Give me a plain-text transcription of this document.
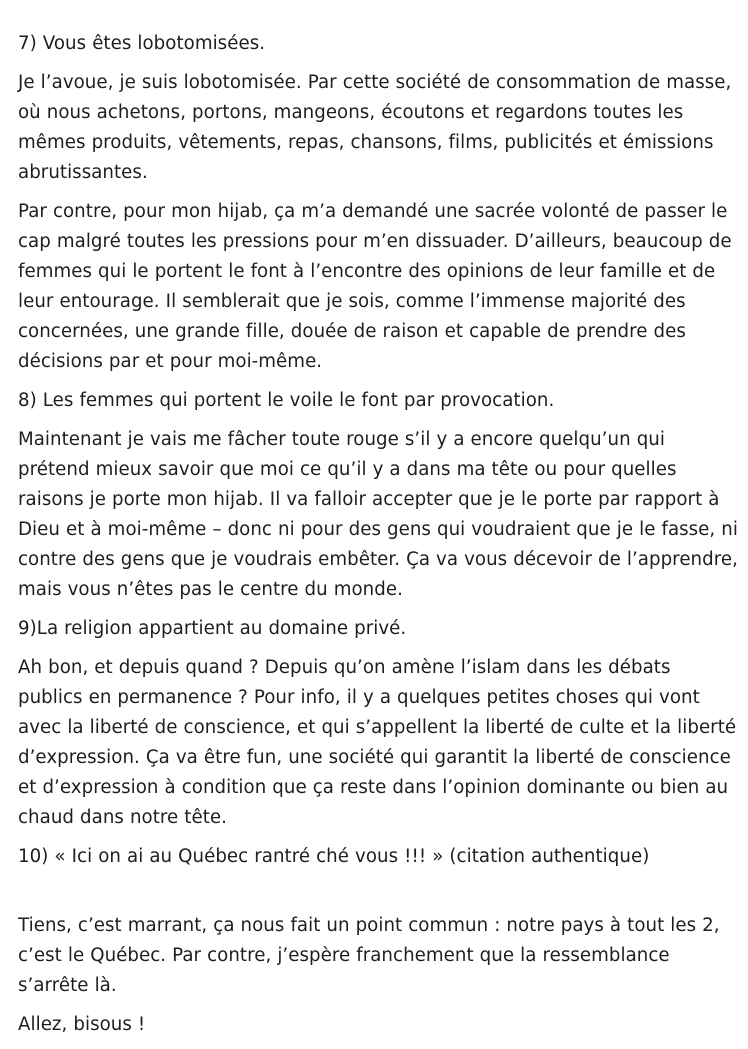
7) Vous êtes lobotomisées.

Je l’avoue, je suis lobotomisée. Par cette société de consommation de masse, où nous achetons, portons, mangeons, écoutons et regardons toutes les mêmes produits, vêtements, repas, chansons, films, publicités et émissions abrutissantes.

Par contre, pour mon hijab, ça m’a demandé une sacrée volonté de passer le cap malgré toutes les pressions pour m’en dissuader. D’ailleurs, beaucoup de femmes qui le portent le font à l’encontre des opinions de leur famille et de leur entourage. Il semblerait que je sois, comme l’immense majorité des concernées, une grande fille, douée de raison et capable de prendre des décisions par et pour moi-même.

8) Les femmes qui portent le voile le font par provocation.

Maintenant je vais me fâcher toute rouge s’il y a encore quelqu’un qui prétend mieux savoir que moi ce qu’il y a dans ma tête ou pour quelles raisons je porte mon hijab. Il va falloir accepter que je le porte par rapport à Dieu et à moi-même – donc ni pour des gens qui voudraient que je le fasse, ni contre des gens que je voudrais embêter. Ça va vous décevoir de l’apprendre, mais vous n’êtes pas le centre du monde.

9)La religion appartient au domaine privé.

Ah bon, et depuis quand ? Depuis qu’on amène l’islam dans les débats publics en permanence ? Pour info, il y a quelques petites choses qui vont avec la liberté de conscience, et qui s’appellent la liberté de culte et la liberté d’expression. Ça va être fun, une société qui garantit la liberté de conscience et d’expression à condition que ça reste dans l’opinion dominante ou bien au chaud dans notre tête.

10) « Ici on ai au Québec rantré ché vous !!! » (citation authentique)

Tiens, c’est marrant, ça nous fait un point commun : notre pays à tout les 2, c’est le Québec. Par contre, j’espère franchement que la ressemblance s’arrête là.

Allez, bisous !
